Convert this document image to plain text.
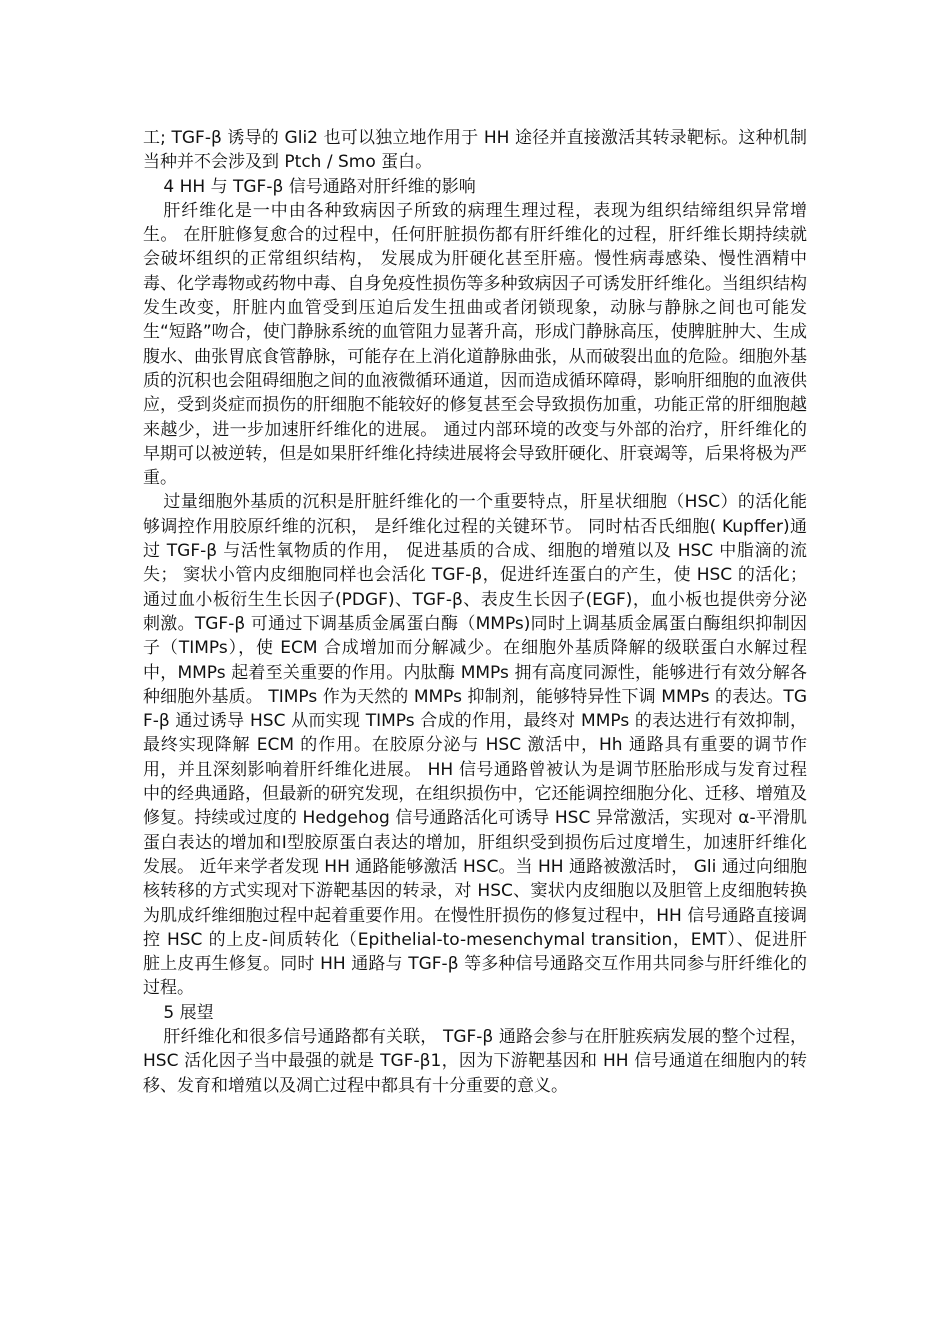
工; TGF-β 诱导的 Gli2 也可以独立地作用于 HH 途径并直接激活其转录靶标。这种机制当种并不会涉及到 Ptch / Smo 蛋白。

4 HH 与 TGF-β 信号通路对肝纤维的影响

肝纤维化是一中由各种致病因子所致的病理生理过程，表现为组织结缔组织异常增生。 在肝脏修复愈合的过程中，任何肝脏损伤都有肝纤维化的过程，肝纤维长期持续就会破坏组织的正常组织结构， 发展成为肝硬化甚至肝癌。慢性病毒感染、慢性酒精中毒、化学毒物或药物中毒、自身免疫性损伤等多种致病因子可诱发肝纤维化。当组织结构发生改变，肝脏内血管受到压迫后发生扭曲或者闭锁现象，动脉与静脉之间也可能发生“短路”吻合，使门静脉系统的血管阻力显著升高，形成门静脉高压，使脾脏肿大、生成腹水、曲张胃底食管静脉，可能存在上消化道静脉曲张，从而破裂出血的危险。细胞外基质的沉积也会阻碍细胞之间的血液微循环通道，因而造成循环障碍，影响肝细胞的血液供应，受到炎症而损伤的肝细胞不能较好的修复甚至会导致损伤加重，功能正常的肝细胞越来越少，进一步加速肝纤维化的进展。 通过内部环境的改变与外部的治疗，肝纤维化的早期可以被逆转，但是如果肝纤维化持续进展将会导致肝硬化、肝衰竭等，后果将极为严重。

过量细胞外基质的沉积是肝脏纤维化的一个重要特点，肝星状细胞（HSC）的活化能够调控作用胶原纤维的沉积， 是纤维化过程的关键环节。 同时枯否氏细胞( Kupffer)通过 TGF-β 与活性氧物质的作用， 促进基质的合成、细胞的增殖以及 HSC 中脂滴的流失； 窦状小管内皮细胞同样也会活化 TGF-β，促进纤连蛋白的产生，使 HSC 的活化；通过血小板衍生生长因子(PDGF)、TGF-β、表皮生长因子(EGF)，血小板也提供旁分泌刺激。TGF-β 可通过下调基质金属蛋白酶（MMPs)同时上调基质金属蛋白酶组织抑制因子（TIMPs），使 ECM 合成增加而分解减少。在细胞外基质降解的级联蛋白水解过程中，MMPs 起着至关重要的作用。内肽酶 MMPs 拥有高度同源性，能够进行有效分解各种细胞外基质。 TIMPs 作为天然的 MMPs 抑制剂，能够特异性下调 MMPs 的表达。TGF-β 通过诱导 HSC 从而实现 TIMPs 合成的作用，最终对 MMPs 的表达进行有效抑制，最终实现降解 ECM 的作用。在胶原分泌与 HSC 激活中，Hh 通路具有重要的调节作用，并且深刻影响着肝纤维化进展。 HH 信号通路曾被认为是调节胚胎形成与发育过程中的经典通路，但最新的研究发现，在组织损伤中，它还能调控细胞分化、迁移、增殖及修复。持续或过度的 Hedgehog 信号通路活化可诱导 HSC 异常激活，实现对 α-平滑肌蛋白表达的增加和Ⅰ型胶原蛋白表达的增加，肝组织受到损伤后过度增生，加速肝纤维化发展。 近年来学者发现 HH 通路能够激活 HSC。当 HH 通路被激活时， Gli 通过向细胞核转移的方式实现对下游靶基因的转录，对 HSC、窦状内皮细胞以及胆管上皮细胞转换为肌成纤维细胞过程中起着重要作用。在慢性肝损伤的修复过程中，HH 信号通路直接调控 HSC 的上皮-间质转化（Epithelial-to-mesenchymal transition，EMT）、促进肝脏上皮再生修复。同时 HH 通路与 TGF-β 等多种信号通路交互作用共同参与肝纤维化的过程。

5 展望

肝纤维化和很多信号通路都有关联， TGF-β 通路会参与在肝脏疾病发展的整个过程， HSC 活化因子当中最强的就是 TGF-β1，因为下游靶基因和 HH 信号通道在细胞内的转移、发育和增殖以及凋亡过程中都具有十分重要的意义。
